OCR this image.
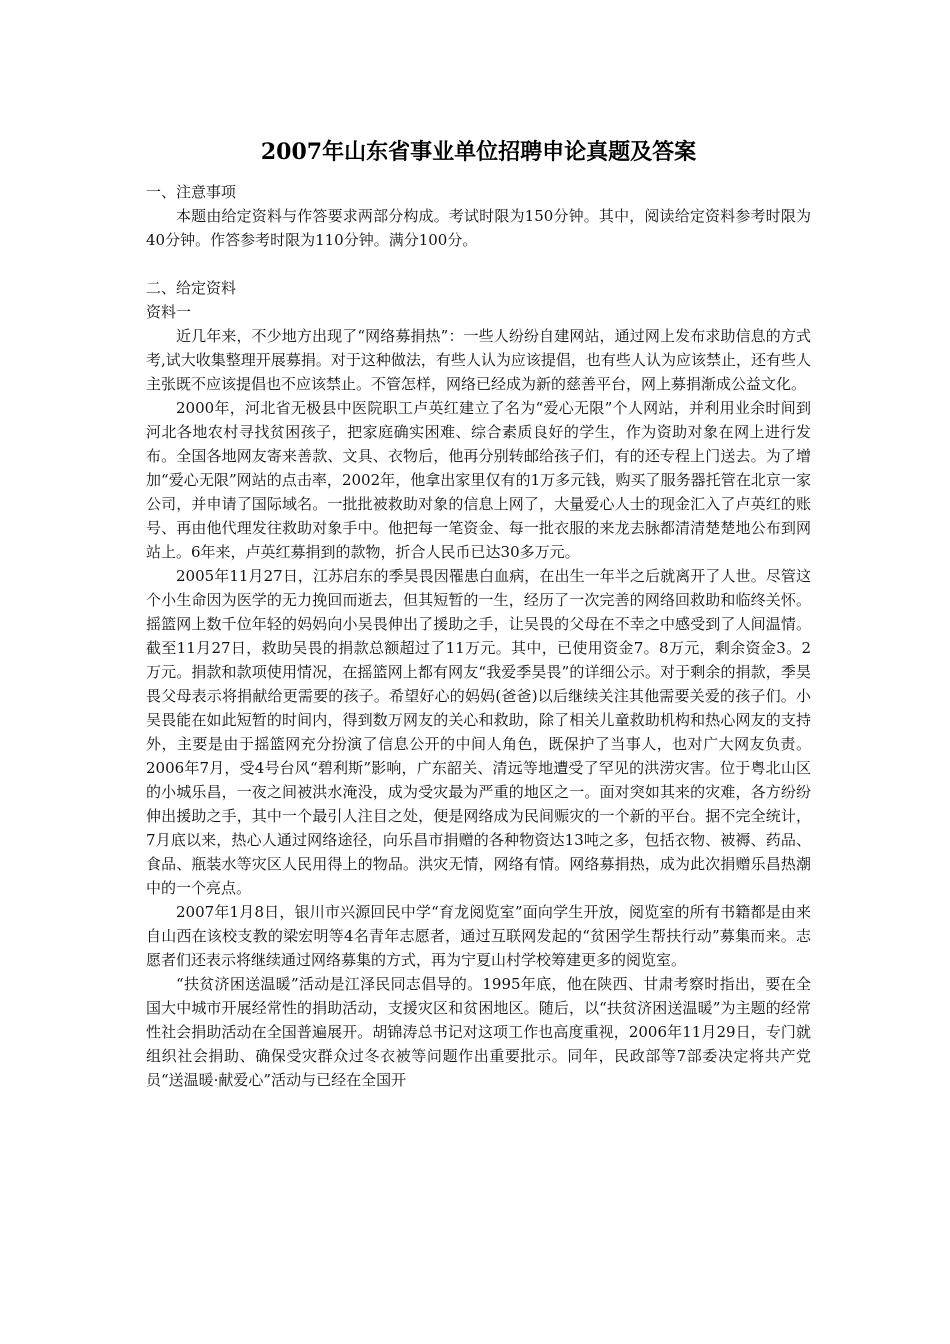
2007年山东省事业单位招聘申论真题及答案

一、注意事项

本题由给定资料与作答要求两部分构成。考试时限为150分钟。其中，阅读给定资料参考时限为40分钟。作答参考时限为110分钟。满分100分。

二、给定资料

资料一

近几年来，不少地方出现了“网络募捐热”：一些人纷纷自建网站，通过网上发布求助信息的方式考,试大收集整理开展募捐。对于这种做法，有些人认为应该提倡，也有些人认为应该禁止，还有些人主张既不应该提倡也不应该禁止。不管怎样，网络已经成为新的慈善平台，网上募捐渐成公益文化。

2000年，河北省无极县中医院职工卢英红建立了名为“爱心无限”个人网站，并利用业余时间到河北各地农村寻找贫困孩子，把家庭确实困难、综合素质良好的学生，作为资助对象在网上进行发布。全国各地网友寄来善款、文具、衣物后，他再分别转邮给孩子们，有的还专程上门送去。为了增加“爱心无限”网站的点击率，2002年，他拿出家里仅有的1万多元钱，购买了服务器托管在北京一家公司，并申请了国际域名。一批批被救助对象的信息上网了，大量爱心人士的现金汇入了卢英红的账号、再由他代理发往救助对象手中。他把每一笔资金、每一批衣服的来龙去脉都清清楚楚地公布到网站上。6年来，卢英红募捐到的款物，折合人民币已达30多万元。

2005年11月27日，江苏启东的季昊畏因罹患白血病，在出生一年半之后就离开了人世。尽管这个小生命因为医学的无力挽回而逝去，但其短暂的一生，经历了一次完善的网络回救助和临终关怀。摇篮网上数千位年轻的妈妈向小吴畏伸出了援助之手，让吴畏的父母在不幸之中感受到了人间温情。截至11月27日，救助吴畏的捐款总额超过了11万元。其中，已使用资金7。8万元，剩余资金3。2万元。捐款和款项使用情况，在摇篮网上都有网友“我爱季昊畏”的详细公示。对于剩余的捐款，季昊畏父母表示将捐献给更需要的孩子。希望好心的妈妈(爸爸)以后继续关注其他需要关爱的孩子们。小吴畏能在如此短暂的时间内，得到数万网友的关心和救助，除了相关儿童救助机构和热心网友的支持外，主要是由于摇篮网充分扮演了信息公开的中间人角色，既保护了当事人，也对广大网友负责。2006年7月，受4号台风“碧利斯”影响，广东韶关、清远等地遭受了罕见的洪涝灾害。位于粤北山区的小城乐昌，一夜之间被洪水淹没，成为受灾最为严重的地区之一。面对突如其来的灾难，各方纷纷伸出援助之手，其中一个最引人注目之处，便是网络成为民间赈灾的一个新的平台。据不完全统计，7月底以来，热心人通过网络途径，向乐昌市捐赠的各种物资达13吨之多，包括衣物、被褥、药品、食品、瓶装水等灾区人民用得上的物品。洪灾无情，网络有情。网络募捐热，成为此次捐赠乐昌热潮中的一个亮点。

2007年1月8日，银川市兴源回民中学“育龙阅览室”面向学生开放，阅览室的所有书籍都是由来自山西在该校支教的梁宏明等4名青年志愿者，通过互联网发起的“贫困学生帮扶行动”募集而来。志愿者们还表示将继续通过网络募集的方式，再为宁夏山村学校筹建更多的阅览室。

“扶贫济困送温暖”活动是江泽民同志倡导的。1995年底，他在陕西、甘肃考察时指出，要在全国大中城市开展经常性的捐助活动，支援灾区和贫困地区。随后，以“扶贫济困送温暖”为主题的经常性社会捐助活动在全国普遍展开。胡锦涛总书记对这项工作也高度重视，2006年11月29日，专门就组织社会捐助、确保受灾群众过冬衣被等问题作出重要批示。同年，民政部等7部委决定将共产党员“送温暖·献爱心”活动与已经在全国开
